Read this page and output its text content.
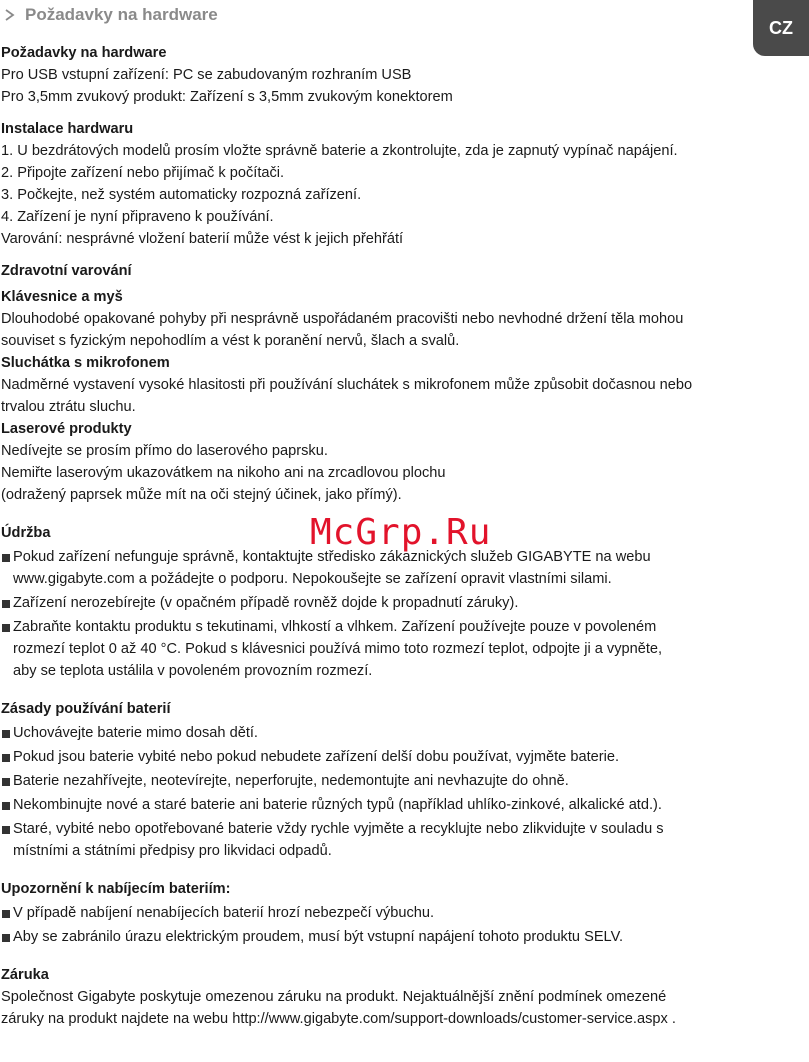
Požadavky na hardware
CZ
Požadavky na hardware

Pro USB vstupní zařízení: PC se zabudovaným rozhraním USB

Pro 3,5mm zvukový produkt: Zařízení s 3,5mm zvukovým konektorem

Instalace hardwaru

1. U bezdrátových modelů prosím vložte správně baterie a zkontrolujte, zda je zapnutý vypínač napájení.

2. Připojte zařízení nebo přijímač k počítači.

3. Počkejte, než systém automaticky rozpozná zařízení.

4. Zařízení je nyní připraveno k používání.

Varování: nesprávné vložení baterií může vést k jejich přehřátí

Zdravotní varování
Klávesnice a myš

Dlouhodobé opakované pohyby při nesprávně uspořádaném pracovišti nebo nevhodné držení těla mohou

souviset s fyzickým nepohodlím a vést k poranění nervů, šlach a svalů.

Sluchátka s mikrofonem

Nadměrné vystavení vysoké hlasitosti při používání sluchátek s mikrofonem může způsobit dočasnou nebo

trvalou ztrátu sluchu.

Laserové produkty

Nedívejte se prosím přímo do laserového paprsku.

Nemiřte laserovým ukazovátkem na nikoho ani na zrcadlovou plochu

(odražený paprsek může mít na oči stejný účinek, jako přímý).

Údržba
Pokud zařízení nefunguje správně, kontaktujte středisko zákaznických služeb GIGABYTE na webu
www.gigabyte.com a požádejte o podporu. Nepokoušejte se zařízení opravit vlastními silami.
Zařízení nerozebírejte (v opačném případě rovněž dojde k propadnutí záruky).
Zabraňte kontaktu produktu s tekutinami, vlhkostí a vlhkem. Zařízení používejte pouze v povoleném
rozmezí teplot 0 až 40 °C. Pokud s klávesnici používá mimo toto rozmezí teplot, odpojte ji a vypněte,
aby se teplota ustálila v povoleném provozním rozmezí.
Zásady používání baterií
Uchovávejte baterie mimo dosah dětí.
Pokud jsou baterie vybité nebo pokud nebudete zařízení delší dobu používat, vyjměte baterie.
Baterie nezahřívejte, neotevírejte, neperforujte, nedemontujte ani nevhazujte do ohně.
Nekombinujte nové a staré baterie ani baterie různých typů (například uhlíko-zinkové, alkalické atd.).
Staré, vybité nebo opotřebované baterie vždy rychle vyjměte a recyklujte nebo zlikvidujte v souladu s
místními a státními předpisy pro likvidaci odpadů.
Upozornění k nabíjecím bateriím:
V případě nabíjení nenabíjecích baterií hrozí nebezpečí výbuchu.
Aby se zabránilo úrazu elektrickým proudem, musí být vstupní napájení tohoto produktu SELV.
Záruka

Společnost Gigabyte poskytuje omezenou záruku na produkt. Nejaktuálnější znění podmínek omezené

záruky na produkt najdete na webu http://www.gigabyte.com/support-downloads/customer-service.aspx .

McGrp.Ru
